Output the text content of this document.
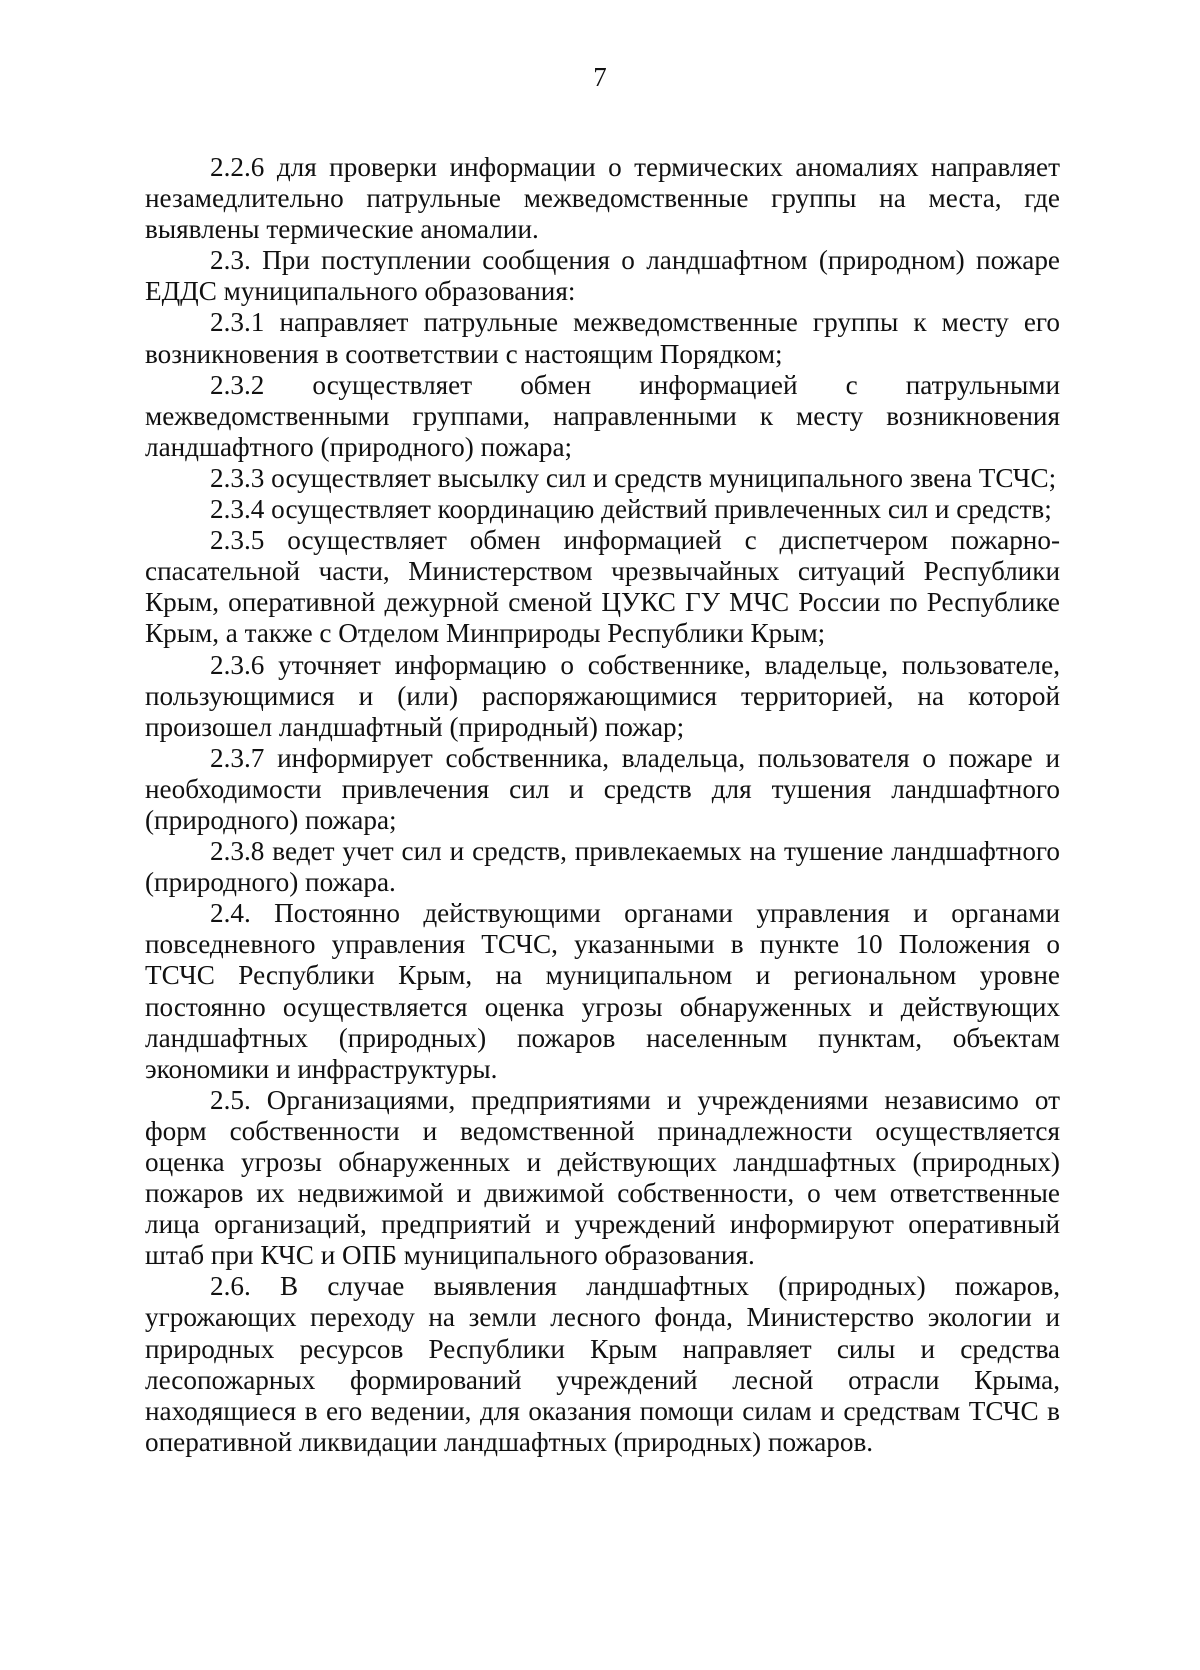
7

2.2.6 для проверки информации о термических аномалиях направляет незамедлительно патрульные межведомственные группы на места, где выявлены термические аномалии.

2.3. При поступлении сообщения о ландшафтном (природном) пожаре ЕДДС муниципального образования:

2.3.1 направляет патрульные межведомственные группы к месту его возникновения в соответствии с настоящим Порядком;

2.3.2 осуществляет обмен информацией с патрульными межведомственными группами, направленными к месту возникновения ландшафтного (природного) пожара;

2.3.3 осуществляет высылку сил и средств муниципального звена ТСЧС;

2.3.4 осуществляет координацию действий привлеченных сил и средств;

2.3.5 осуществляет обмен информацией с диспетчером пожарно-спасательной части, Министерством чрезвычайных ситуаций Республики Крым, оперативной дежурной сменой ЦУКС ГУ МЧС России по Республике Крым, а также с Отделом Минприроды Республики Крым;

2.3.6 уточняет информацию о собственнике, владельце, пользователе, пользующимися и (или) распоряжающимися территорией, на которой произошел ландшафтный (природный) пожар;

2.3.7 информирует собственника, владельца, пользователя о пожаре и необходимости привлечения сил и средств для тушения ландшафтного (природного) пожара;

2.3.8 ведет учет сил и средств, привлекаемых на тушение ландшафтного (природного) пожара.

2.4. Постоянно действующими органами управления и органами повседневного управления ТСЧС, указанными в пункте 10 Положения о ТСЧС Республики Крым, на муниципальном и региональном уровне постоянно осуществляется оценка угрозы обнаруженных и действующих ландшафтных (природных) пожаров населенным пунктам, объектам экономики и инфраструктуры.

2.5. Организациями, предприятиями и учреждениями независимо от форм собственности и ведомственной принадлежности осуществляется оценка угрозы обнаруженных и действующих ландшафтных (природных) пожаров их недвижимой и движимой собственности, о чем ответственные лица организаций, предприятий и учреждений информируют оперативный штаб при КЧС и ОПБ муниципального образования.

2.6. В случае выявления ландшафтных (природных) пожаров, угрожающих переходу на земли лесного фонда, Министерство экологии и природных ресурсов Республики Крым направляет силы и средства лесопожарных формирований учреждений лесной отрасли Крыма, находящиеся в его ведении, для оказания помощи силам и средствам ТСЧС в оперативной ликвидации ландшафтных (природных) пожаров.
